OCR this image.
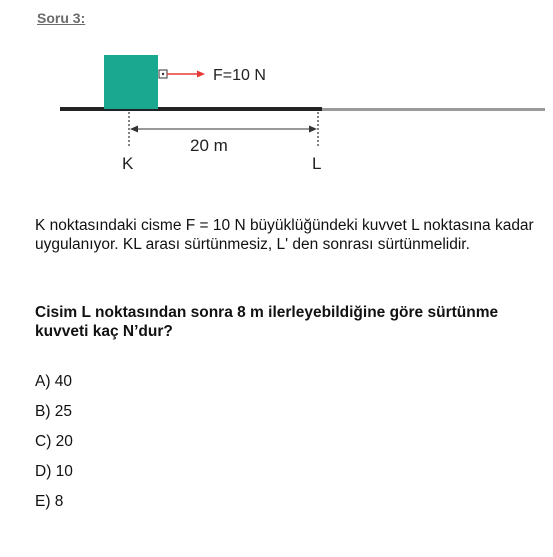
Soru 3:
F=10 N
20 m
K	L
K noktasındaki cisme F = 10 N büyüklüğündeki kuvvet L noktasına kadar uygulanıyor. KL arası sürtünmesiz, L' den sonrası sürtünmelidir.
Cisim L noktasından sonra 8 m ilerleyebildiğine göre sürtünme kuvveti kaç N’dur?
A) 40
B) 25
C) 20
D) 10
E) 8
